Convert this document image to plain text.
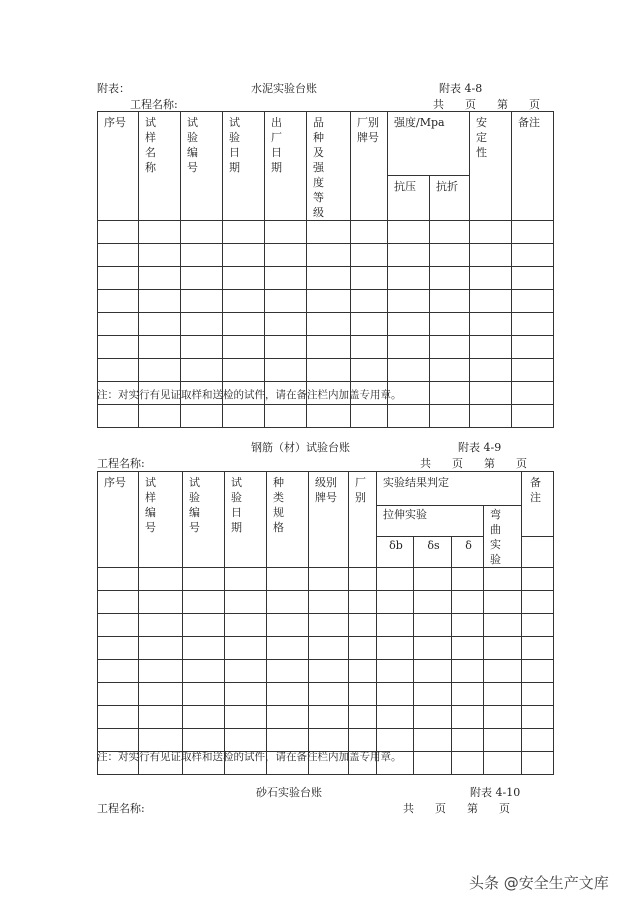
附表：	水泥实验台账	附表 4-8
工程名称:	共      页      第      页
序号	试样名称	试验编号	试验日期	出厂日期	品种及强度等级	厂别牌号	强度/Mpa		安定性	备注
							抗压	抗折		

注：对实行有见证取样和送检的试件，请在备注栏内加盖专用章。
钢筋（材）试验台账	附表 4-9
工程名称:	共      页      第      页
序号	试样编号	试验编号	试验日期	种类规格	级别牌号	厂别	实验结果判定				备注
							拉伸实验			弯曲实验	
							δb	δs	δ		

注：对实行有见证取样和送检的试件，请在备注栏内加盖专用章。
砂石实验台账	附表 4-10
工程名称:	共      页      第      页
头条 @安全生产文库
